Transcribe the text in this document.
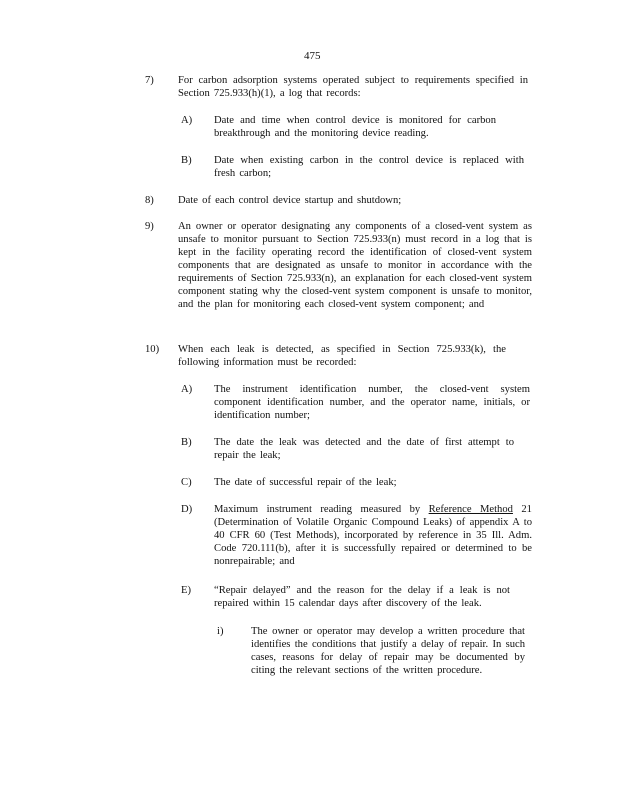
475
7) For carbon adsorption systems operated subject to requirements specified in Section 725.933(h)(1), a log that records:

A) Date and time when control device is monitored for carbon breakthrough and the monitoring device reading.

B) Date when existing carbon in the control device is replaced with fresh carbon;

8) Date of each control device startup and shutdown;

9) An owner or operator designating any components of a closed-vent system as unsafe to monitor pursuant to Section 725.933(n) must record in a log that is kept in the facility operating record the identification of closed-vent system components that are designated as unsafe to monitor in accordance with the requirements of Section 725.933(n), an explanation for each closed-vent system component stating why the closed-vent system component is unsafe to monitor, and the plan for monitoring each closed-vent system component; and

10) When each leak is detected, as specified in Section 725.933(k), the following information must be recorded:

A) The instrument identification number, the closed-vent system component identification number, and the operator name, initials, or identification number;

B) The date the leak was detected and the date of first attempt to repair the leak;

C) The date of successful repair of the leak;

D) Maximum instrument reading measured by Reference Method 21 (Determination of Volatile Organic Compound Leaks) of appendix A to 40 CFR 60 (Test Methods), incorporated by reference in 35 Ill. Adm. Code 720.111(b), after it is successfully repaired or determined to be nonrepairable; and

E) “Repair delayed” and the reason for the delay if a leak is not repaired within 15 calendar days after discovery of the leak.

i)	The owner or operator may develop a written procedure that identifies the conditions that justify a delay of repair. In such cases, reasons for delay of repair may be documented by citing the relevant sections of the written procedure.
